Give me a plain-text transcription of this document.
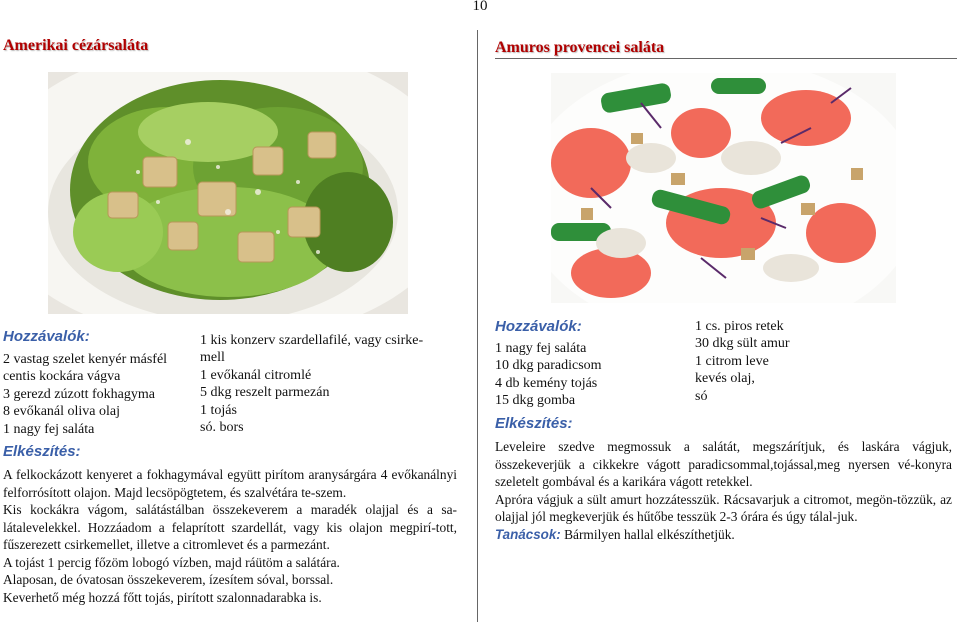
10
Amerikai cézársaláta
Hozzávalók:
2 vastag szelet kenyér másfél
centis kockára vágva
3 gerezd zúzott fokhagyma
8 evőkanál oliva olaj
1 nagy fej saláta
1 kis konzerv szardellafilé, vagy csirke-
mell
1 evőkanál citromlé
5 dkg reszelt parmezán
1 tojás
só. bors
Elkészítés:

A felkockázott kenyeret a fokhagymával együtt pirítom aranysárgára 4 evőkanálnyi felforrósított olajon. Majd lecsöpögtetem, és szalvétára te-szem.

Kis kockákra vágom, salátástálban összekeverem a maradék olajjal és a sa-látalevelekkel. Hozzáadom a felaprított szardellát, vagy kis olajon megpirí-tott, fűszerezett csirkemellet, illetve a citromlevet és a parmezánt.

A tojást 1 percig főzöm lobogó vízben, majd ráütöm a salátára.

Alaposan, de óvatosan összekeverem, ízesítem sóval, borssal.

Keverhető még hozzá főtt tojás, pirított szalonnadarabka is.

Amuros provencei saláta
Hozzávalók:
1 nagy fej saláta
10 dkg paradicsom
4 db kemény tojás
15 dkg gomba
1 cs. piros retek
30 dkg sült amur
1 citrom leve
kevés olaj,
só
Elkészítés:

Leveleire szedve megmossuk a salátát, megszárítjuk, és laskára vágjuk, összekeverjük a cikkekre vágott paradicsommal,tojással,meg nyersen vé-konyra szeletelt gombával és a karikára vágott retekkel.

Apróra vágjuk a sült amurt hozzátesszük. Rácsavarjuk a citromot, megön-tözzük, az olajjal jól megkeverjük és hűtőbe tesszük 2-3 órára és úgy tálal-juk.

Tanácsok: Bármilyen hallal elkészíthetjük.
